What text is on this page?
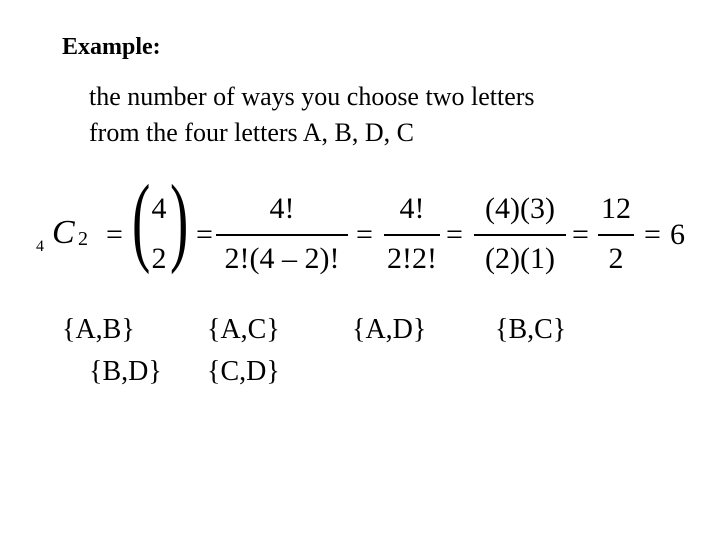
Example:
the number of ways you choose two letters
from the four letters A, B, D, C
4 C 2 = ( 4
2 ) =
4!
2!(4 – 2)!
=
4!
2!2!
=
(4)(3)
(2)(1)
=
12
2
= 6
{A,B}	{A,C}	{A,D} {B,C}
{B,D} {C,D}
